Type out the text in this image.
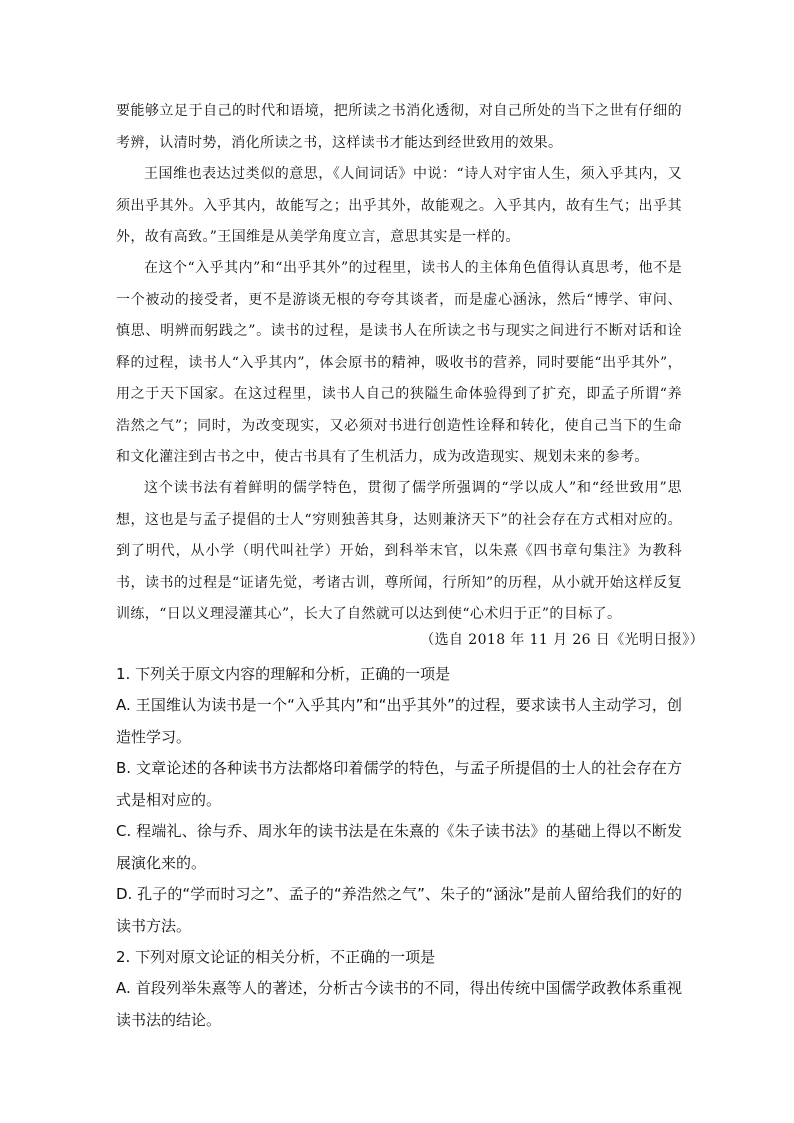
要能够立足于自己的时代和语境，把所读之书消化透彻，对自己所处的当下之世有仔细的考辨，认清时势，消化所读之书，这样读书才能达到经世致用的效果。

王国维也表达过类似的意思，《人间词话》中说：“诗人对宇宙人生，须入乎其内，又须出乎其外。入乎其内，故能写之；出乎其外，故能观之。入乎其内，故有生气；出乎其外，故有高致。”王国维是从美学角度立言，意思其实是一样的。

在这个“入乎其内”和“出乎其外”的过程里，读书人的主体角色值得认真思考，他不是一个被动的接受者，更不是游谈无根的夸夸其谈者，而是虚心涵泳，然后“博学、审问、慎思、明辨而躬践之”。读书的过程，是读书人在所读之书与现实之间进行不断对话和诠释的过程，读书人“入乎其内”，体会原书的精神，吸收书的营养，同时要能“出乎其外”，用之于天下国家。在这过程里，读书人自己的狭隘生命体验得到了扩充，即孟子所谓“养浩然之气”；同时，为改变现实，又必须对书进行创造性诠释和转化，使自己当下的生命和文化灌注到古书之中，使古书具有了生机活力，成为改造现实、规划未来的参考。

这个读书法有着鲜明的儒学特色，贯彻了儒学所强调的“学以成人”和“经世致用”思想，这也是与孟子提倡的士人“穷则独善其身，达则兼济天下”的社会存在方式相对应的。到了明代，从小学（明代叫社学）开始，到科举末官，以朱熹《四书章句集注》为教科书，读书的过程是“证诸先觉，考诸古训，尊所闻，行所知”的历程，从小就开始这样反复训练，“日以义理浸灌其心”，长大了自然就可以达到使“心术归于正”的目标了。

（选自 2018 年 11 月 26 日《光明日报》）
1. 下列关于原文内容的理解和分析，正确的一项是
A. 王国维认为读书是一个“入乎其内”和“出乎其外”的过程，要求读书人主动学习，创造性学习。
B. 文章论述的各种读书方法都烙印着儒学的特色，与孟子所提倡的士人的社会存在方式是相对应的。
C. 程端礼、徐与乔、周氷年的读书法是在朱熹的《朱子读书法》的基础上得以不断发展演化来的。
D. 孔子的“学而时习之”、孟子的“养浩然之气”、朱子的“涵泳”是前人留给我们的好的读书方法。
2. 下列对原文论证的相关分析，不正确的一项是
A. 首段列举朱熹等人的著述，分析古今读书的不同，得出传统中国儒学政教体系重视读书法的结论。
